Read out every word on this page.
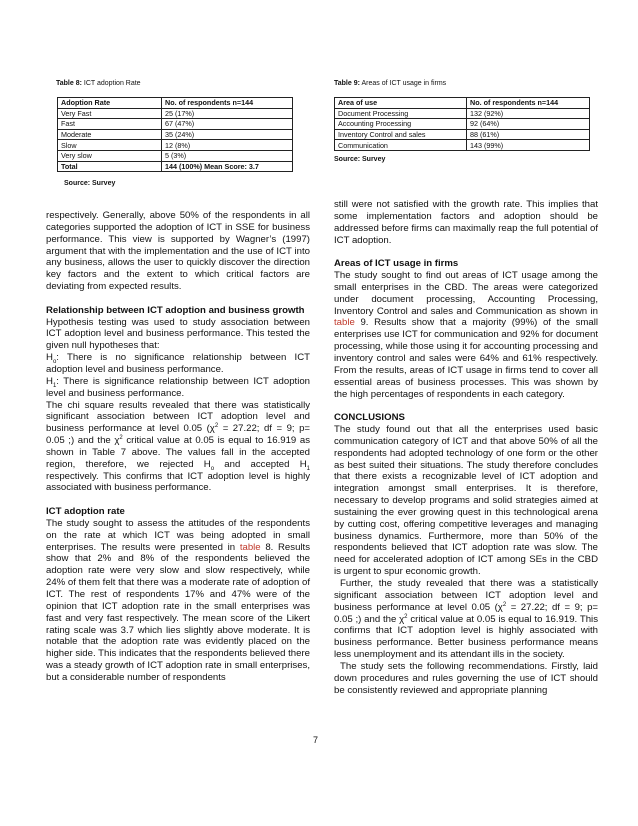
Table 8: ICT adoption Rate
Adoption Rate	No. of respondents n=144
Very Fast	25 (17%)
Fast	67 (47%)
Moderate	35 (24%)
Slow	12 (8%)
Very slow	5 (3%)
Total	144 (100%) Mean Score: 3.7
Source: Survey
Table 9: Areas of ICT usage in firms
Area of use	No. of respondents n=144
Document Processing	132 (92%)
Accounting Processing	92 (64%)
Inventory Control and sales	88 (61%)
Communication	143 (99%)
Source: Survey

respectively. Generally, above 50% of the respondents in all categories supported the adoption of ICT in SSE for business performance. This view is supported by Wagner’s (1997) argument that with the implementation and the use of ICT into any business, allows the user to quickly discover the direction key factors and the extent to which critical factors are deviating from expected results.

Relationship between ICT adoption and business growth

Hypothesis testing was used to study association between ICT adoption level and business performance. This tested the given null hypotheses that:

$H_o$: There is no significance relationship between ICT adoption level and business performance.

$H_1$: There is significance relationship between ICT adoption level and business performance.

The chi square results revealed that there was statistically significant association between ICT adoption level and business performance at level 0.05 ($\chi^2 = 27.22$; df = 9; p= 0.05 ;) and the $\chi^2$ critical value at 0.05 is equal to 16.919 as shown in Table 7 above. The values fall in the accepted region, therefore, we rejected $H_o$ and accepted $H_1$ respectively. This confirms that ICT adoption level is highly associated with business performance.

ICT adoption rate

The study sought to assess the attitudes of the respondents on the rate at which ICT was being adopted in small enterprises. The results were presented in table 8. Results show that 2% and 8% of the respondents believed the adoption rate were very slow and slow respectively, while 24% of them felt that there was a moderate rate of adoption of ICT. The rest of respondents 17% and 47% were of the opinion that ICT adoption rate in the small enterprises was fast and very fast respectively. The mean score of the Likert rating scale was 3.7 which lies slightly above moderate. It is notable that the adoption rate was evidently placed on the higher side. This indicates that the respondents believed there was a steady growth of ICT adoption rate in small enterprises, but a considerable number of respondents

still were not satisfied with the growth rate. This implies that some implementation factors and adoption should be addressed before firms can maximally reap the full potential of ICT adoption.

Areas of ICT usage in firms

The study sought to find out areas of ICT usage among the small enterprises in the CBD. The areas were categorized under document processing, Accounting Processing, Inventory Control and sales and Communication as shown in table 9. Results show that a majority (99%) of the small enterprises use ICT for communication and 92% for document processing, while those using it for accounting processing and inventory control and sales were 64% and 61% respectively. From the results, areas of ICT usage in firms tend to cover all essential areas of business processes. This was shown by the high percentages of respondents in each category.

CONCLUSIONS

The study found out that all the enterprises used basic communication category of ICT and that above 50% of all the respondents had adopted technology of one form or the other as best suited their situations. The study therefore concludes that there exists a recognizable level of ICT adoption and integration amongst small enterprises. It is therefore, necessary to develop programs and solid strategies aimed at sustaining the ever growing quest in this technological arena by cutting cost, offering competitive leverages and managing business dynamics. Furthermore, more than 50% of the respondents believed that ICT adoption rate was slow. The need for accelerated adoption of ICT among SEs in the CBD is urgent to spur economic growth.

Further, the study revealed that there was a statistically significant association between ICT adoption level and business performance at level 0.05 ($\chi^2 = 27.22$; df = 9; p= 0.05 ;) and the $\chi^2$ critical value at 0.05 is equal to 16.919. This confirms that ICT adoption level is highly associated with business performance. Better business performance means less unemployment and its attendant ills in the society.

The study sets the following recommendations. Firstly, laid down procedures and rules governing the use of ICT should be consistently reviewed and appropriate planning

7
